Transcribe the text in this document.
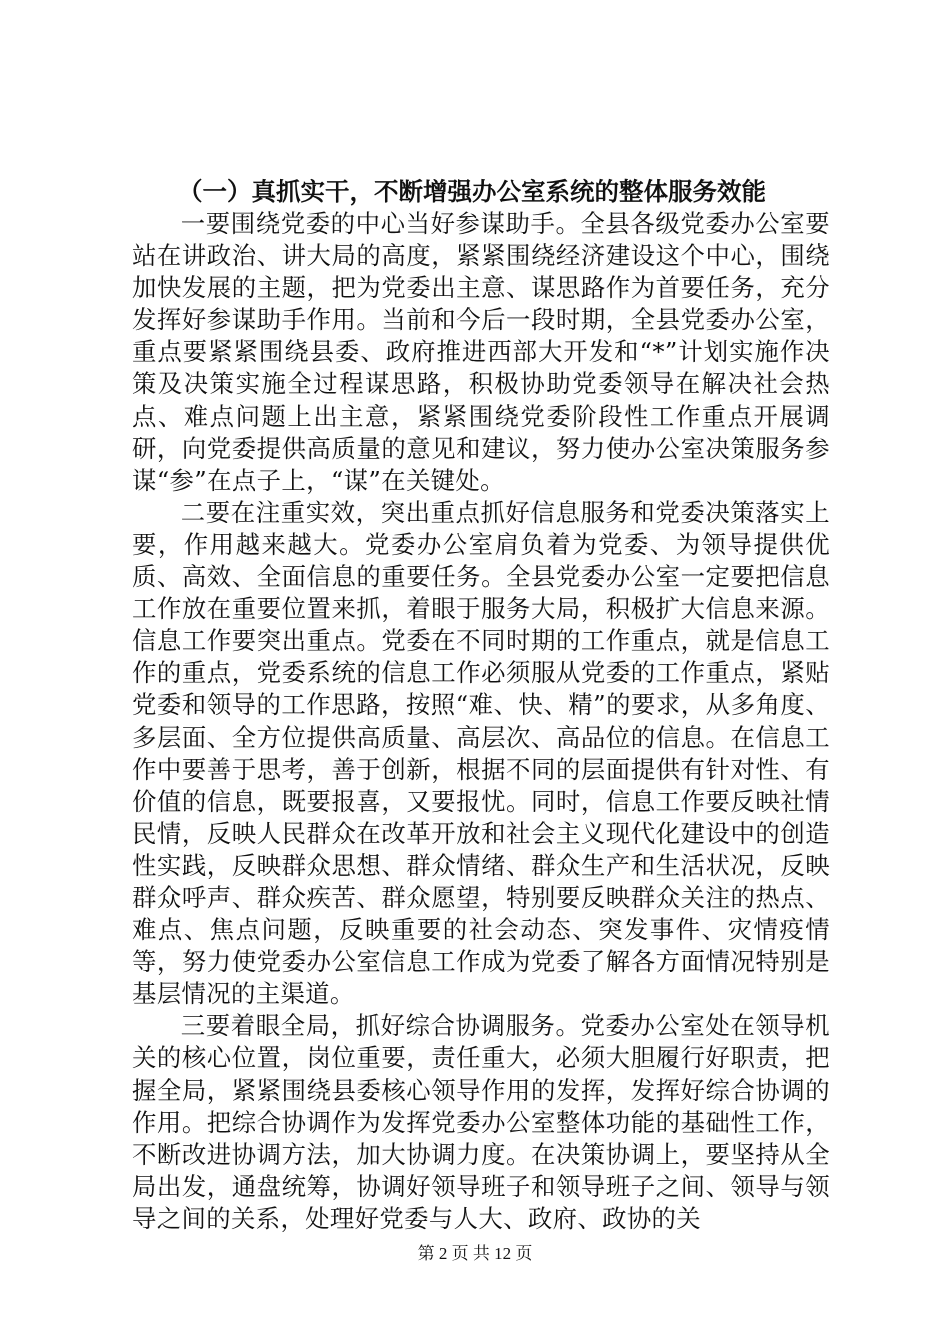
（一）真抓实干，不断增强办公室系统的整体服务效能

一要围绕党委的中心当好参谋助手。全县各级党委办公室要站在讲政治、讲大局的高度，紧紧围绕经济建设这个中心，围绕加快发展的主题，把为党委出主意、谋思路作为首要任务，充分发挥好参谋助手作用。当前和今后一段时期，全县党委办公室，重点要紧紧围绕县委、政府推进西部大开发和“*”计划实施作决策及决策实施全过程谋思路，积极协助党委领导在解决社会热点、难点问题上出主意，紧紧围绕党委阶段性工作重点开展调研，向党委提供高质量的意见和建议，努力使办公室决策服务参谋“参”在点子上，“谋”在关键处。

二要在注重实效，突出重点抓好信息服务和党委决策落实上要，作用越来越大。党委办公室肩负着为党委、为领导提供优质、高效、全面信息的重要任务。全县党委办公室一定要把信息工作放在重要位置来抓，着眼于服务大局，积极扩大信息来源。信息工作要突出重点。党委在不同时期的工作重点，就是信息工作的重点，党委系统的信息工作必须服从党委的工作重点，紧贴党委和领导的工作思路，按照“难、快、精”的要求，从多角度、多层面、全方位提供高质量、高层次、高品位的信息。在信息工作中要善于思考，善于创新，根据不同的层面提供有针对性、有价值的信息，既要报喜，又要报忧。同时，信息工作要反映社情民情，反映人民群众在改革开放和社会主义现代化建设中的创造性实践，反映群众思想、群众情绪、群众生产和生活状况，反映群众呼声、群众疾苦、群众愿望，特别要反映群众关注的热点、难点、焦点问题，反映重要的社会动态、突发事件、灾情疫情等，努力使党委办公室信息工作成为党委了解各方面情况特别是基层情况的主渠道。

三要着眼全局，抓好综合协调服务。党委办公室处在领导机关的核心位置，岗位重要，责任重大，必须大胆履行好职责，把握全局，紧紧围绕县委核心领导作用的发挥，发挥好综合协调的作用。把综合协调作为发挥党委办公室整体功能的基础性工作，不断改进协调方法，加大协调力度。在决策协调上，要坚持从全局出发，通盘统筹，协调好领导班子和领导班子之间、领导与领导之间的关系，处理好党委与人大、政府、政协的关

第 2 页 共 12 页
